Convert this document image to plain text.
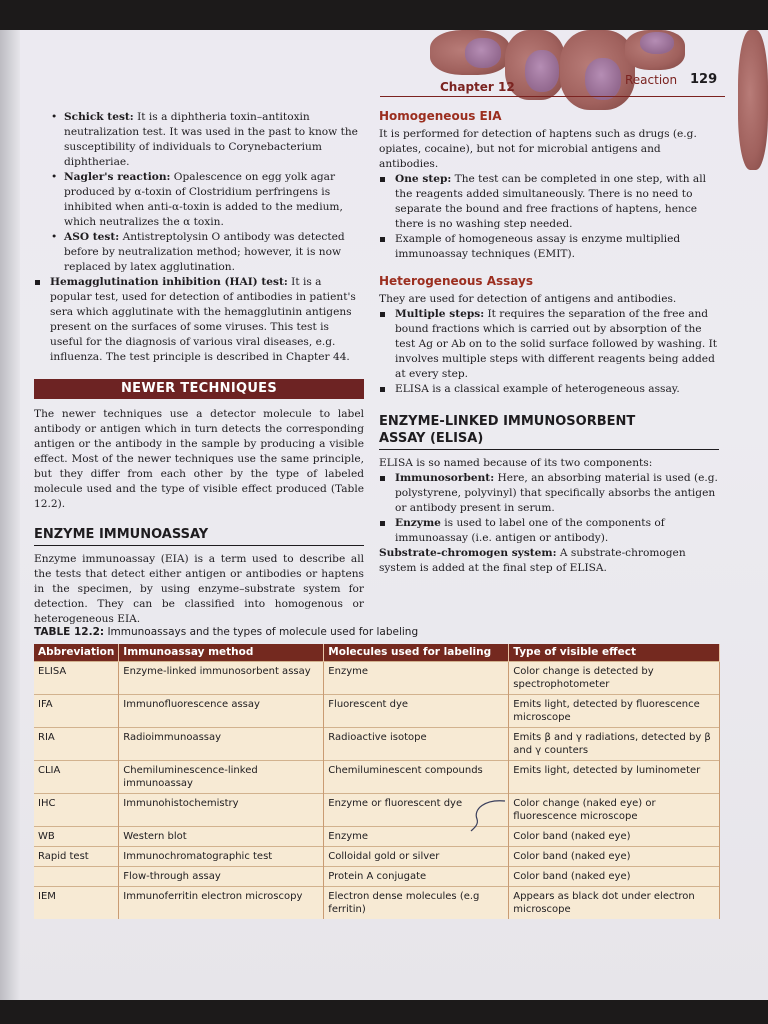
Chapter 12	Reaction 129
• Schick test: It is a diphtheria toxin–antitoxin neutralization test. It was used in the past to know the susceptibility of individuals to Corynebacterium diphtheriae.
• Nagler's reaction: Opalescence on egg yolk agar produced by α-toxin of Clostridium perfringens is inhibited when anti-α-toxin is added to the medium, which neutralizes the α toxin.
• ASO test: Antistreptolysin O antibody was detected before by neutralization method; however, it is now replaced by latex agglutination.
Hemagglutination inhibition (HAI) test: It is a popular test, used for detection of antibodies in patient's sera which agglutinate with the hemagglutinin antigens present on the surfaces of some viruses. This test is useful for the diagnosis of various viral diseases, e.g. influenza. The test principle is described in Chapter 44.
NEWER TECHNIQUES

The newer techniques use a detector molecule to label antibody or antigen which in turn detects the corresponding antigen or the antibody in the sample by producing a visible effect. Most of the newer techniques use the same principle, but they differ from each other by the type of labeled molecule used and the type of visible effect produced (Table 12.2).

ENZYME IMMUNOASSAY

Enzyme immunoassay (EIA) is a term used to describe all the tests that detect either antigen or antibodies or haptens in the specimen, by using enzyme–substrate system for detection. They can be classified into homogenous or heterogeneous EIA.

Homogeneous EIA

It is performed for detection of haptens such as drugs (e.g. opiates, cocaine), but not for microbial antigens and antibodies.

One step: The test can be completed in one step, with all the reagents added simultaneously. There is no need to separate the bound and free fractions of haptens, hence there is no washing step needed.
Example of homogeneous assay is enzyme multiplied immunoassay techniques (EMIT).
Heterogeneous Assays

They are used for detection of antigens and antibodies.

Multiple steps: It requires the separation of the free and bound fractions which is carried out by absorption of the test Ag or Ab on to the solid surface followed by washing. It involves multiple steps with different reagents being added at every step.
ELISA is a classical example of heterogeneous assay.
ENZYME-LINKED IMMUNOSORBENT
ASSAY (ELISA)

ELISA is so named because of its two components:

Immunosorbent: Here, an absorbing material is used (e.g. polystyrene, polyvinyl) that specifically absorbs the antigen or antibody present in serum.
Enzyme is used to label one of the components of immunoassay (i.e. antigen or antibody).

Substrate-chromogen system: A substrate-chromogen system is added at the final step of ELISA.

TABLE 12.2: Immunoassays and the types of molecule used for labeling
Abbreviation	Immunoassay method	Molecules used for labeling	Type of visible effect
ELISA	Enzyme-linked immunosorbent assay	Enzyme	Color change is detected by spectrophotometer
IFA	Immunofluorescence assay	Fluorescent dye	Emits light, detected by fluorescence microscope
RIA	Radioimmunoassay	Radioactive isotope	Emits β and γ radiations, detected by β and γ counters
CLIA	Chemiluminescence-linked immunoassay	Chemiluminescent compounds	Emits light, detected by luminometer
IHC	Immunohistochemistry	Enzyme or fluorescent dye	Color change (naked eye) or fluorescence microscope
WB	Western blot	Enzyme	Color band (naked eye)
Rapid test	Immunochromatographic test	Colloidal gold or silver	Color band (naked eye)
	Flow-through assay	Protein A conjugate	Color band (naked eye)
IEM	Immunoferritin electron microscopy	Electron dense molecules (e.g ferritin)	Appears as black dot under electron microscope
